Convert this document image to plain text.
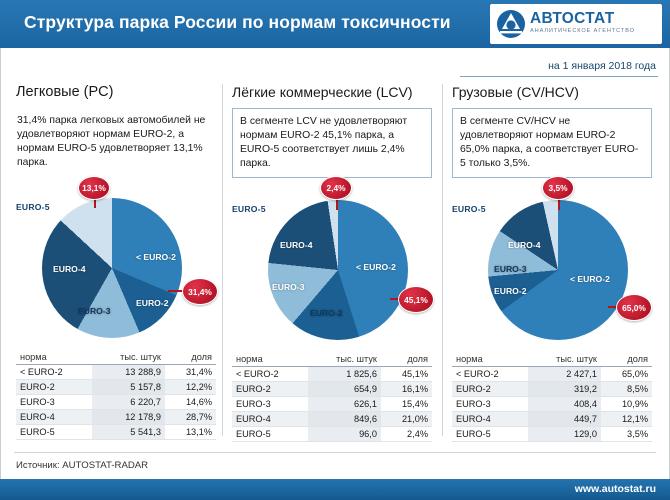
Структура парка России по нормам токсичности	АВТОСТАТ
АНАЛИТИЧЕСКОЕ АГЕНТСТВО
на 1 января 2018 года
Легковые (PC)
31,4% парка легковых автомобилей не удовлетворяют нормам EURO-2, а нормам EURO-5 удовлетворяет 13,1% парка.
EURO-5
< EURO-2
EURO-2
EURO-3
EURO-4
13,1%
31,4%
норма	тыс. штук	доля
< EURO-2	13 288,9	31,4%
EURO-2	5 157,8	12,2%
EURO-3	6 220,7	14,6%
EURO-4	12 178,9	28,7%
EURO-5	5 541,3	13,1%
Лёгкие коммерческие (LCV)
В сегменте LCV не удовлетворяют нормам EURO-2 45,1% парка, а EURO-5 соответствует лишь 2,4% парка.
EURO-5
< EURO-2
EURO-2
EURO-3
EURO-4
2,4%
45,1%
норма	тыс. штук	доля
< EURO-2	1 825,6	45,1%
EURO-2	654,9	16,1%
EURO-3	626,1	15,4%
EURO-4	849,6	21,0%
EURO-5	96,0	2,4%
Грузовые (CV/HCV)
В сегменте CV/HCV не удовлетворяют нормам EURO-2 65,0% парка, а соответствует EURO-5 только 3,5%.
EURO-5
< EURO-2
EURO-2
EURO-3
EURO-4
3,5%
65,0%
норма	тыс. штук	доля
< EURO-2	2 427,1	65,0%
EURO-2	319,2	8,5%
EURO-3	408,4	10,9%
EURO-4	449,7	12,1%
EURO-5	129,0	3,5%
Источник: AUTOSTAT-RADAR
www.autostat.ru
